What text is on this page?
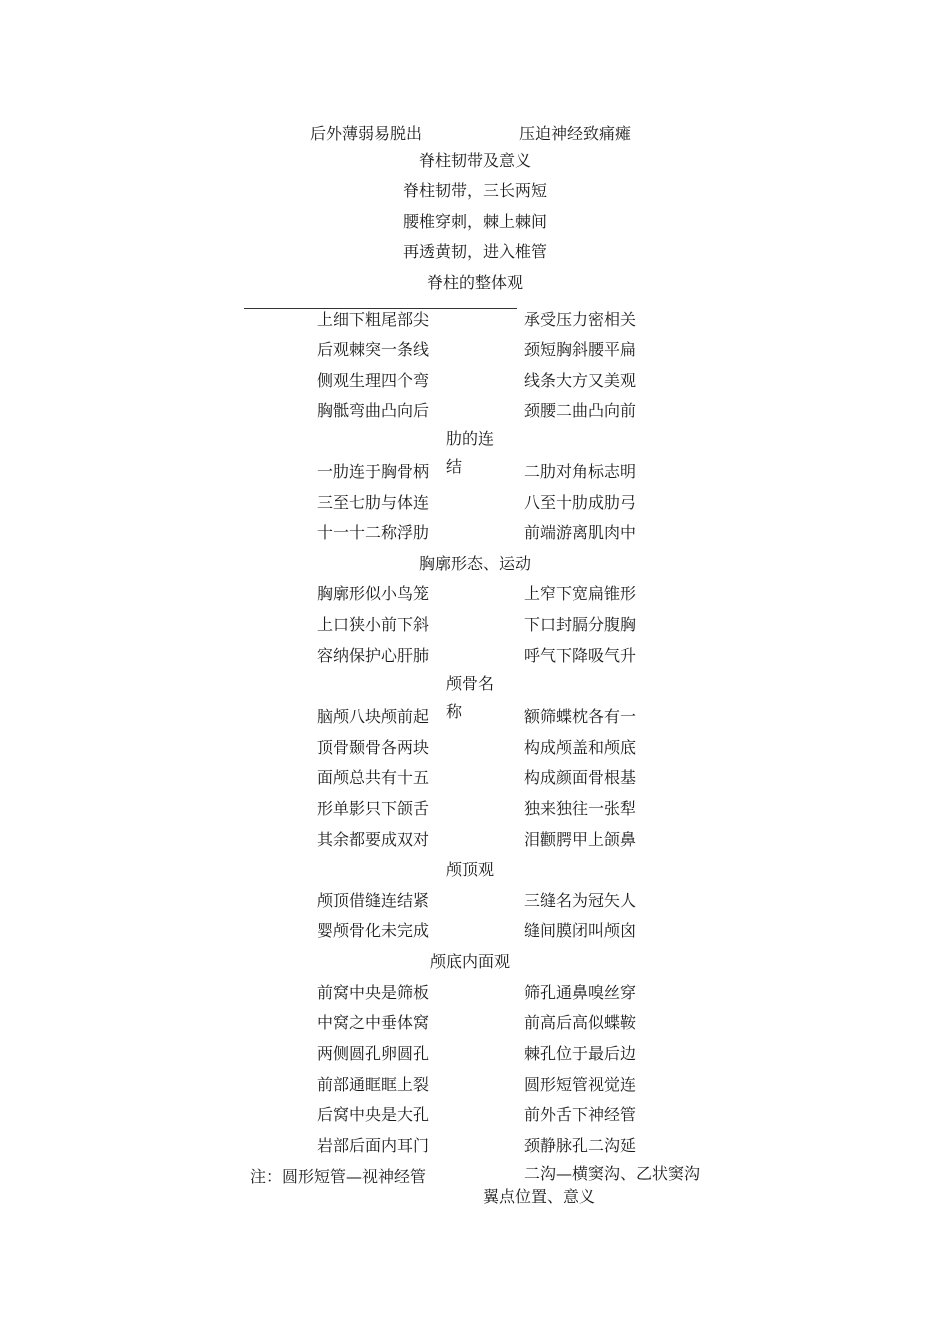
后外薄弱易脱出	压迫神经致痛瘫
脊柱韧带及意义
脊柱韧带，三长两短
腰椎穿刺，棘上棘间
再透黄韧，进入椎管
脊柱的整体观
上细下粗尾部尖	承受压力密相关
后观棘突一条线	颈短胸斜腰平扁
侧观生理四个弯	线条大方又美观
胸骶弯曲凸向后	颈腰二曲凸向前
肋的连结
一肋连于胸骨柄	二肋对角标志明
三至七肋与体连	八至十肋成肋弓
十一十二称浮肋	前端游离肌肉中
胸廓形态、运动
胸廓形似小鸟笼	上窄下宽扁锥形
上口狭小前下斜	下口封膈分腹胸
容纳保护心肝肺	呼气下降吸气升
颅骨名称
脑颅八块颅前起	额筛蝶枕各有一
顶骨颞骨各两块	构成颅盖和颅底
面颅总共有十五	构成颜面骨根基
形单影只下颌舌	独来独往一张犁
其余都要成双对	泪颧腭甲上颌鼻
颅顶观
颅顶借缝连结紧	三缝名为冠矢人
婴颅骨化未完成	缝间膜闭叫颅囟
颅底内面观
前窝中央是筛板	筛孔通鼻嗅丝穿
中窝之中垂体窝	前高后高似蝶鞍
两侧圆孔卵圆孔	棘孔位于最后边
前部通眶眶上裂	圆形短管视觉连
后窝中央是大孔	前外舌下神经管
岩部后面内耳门	颈静脉孔二沟延
注：圆形短管—视神经管	二沟—横窦沟、乙状窦沟
翼点位置、意义
